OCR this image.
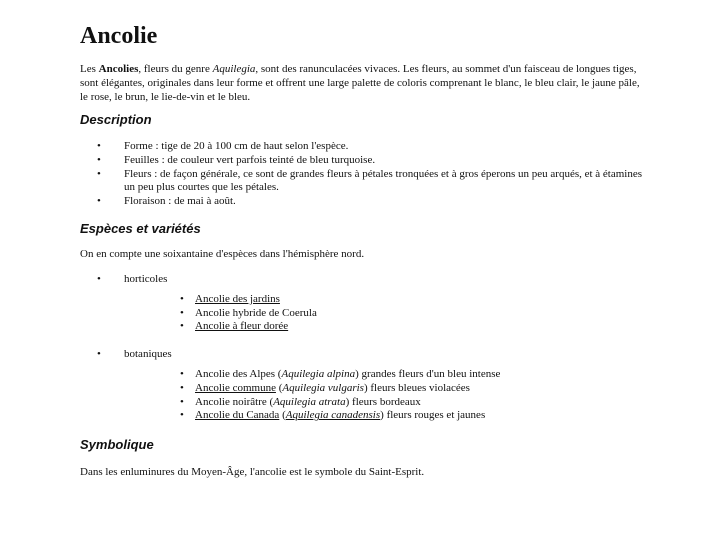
Ancolie

Les Ancolies, fleurs du genre Aquilegia, sont des ranunculacées vivaces. Les fleurs, au sommet d'un faisceau de longues tiges, sont élégantes, originales dans leur forme et offrent une large palette de coloris comprenant le blanc, le bleu clair, le jaune pâle, le rose, le brun, le lie-de-vin et le bleu.

Description
• Forme : tige de 20 à 100 cm de haut selon l'espèce.
• Feuilles : de couleur vert parfois teinté de bleu turquoise.
• Fleurs : de façon générale, ce sont de grandes fleurs à pétales tronquées et à gros éperons un peu arqués, et à étamines un peu plus courtes que les pétales.
• Floraison : de mai à août.
Espèces et variétés

On en compte une soixantaine d'espèces dans l'hémisphère nord.

• horticoles
• Ancolie des jardins
• Ancolie hybride de Coerula
• Ancolie à fleur dorée
• botaniques
• Ancolie des Alpes (Aquilegia alpina) grandes fleurs d'un bleu intense
• Ancolie commune (Aquilegia vulgaris) fleurs bleues violacées
• Ancolie noirâtre (Aquilegia atrata) fleurs bordeaux
• Ancolie du Canada (Aquilegia canadensis) fleurs rouges et jaunes
Symbolique

Dans les enluminures du Moyen-Âge, l'ancolie est le symbole du Saint-Esprit.
